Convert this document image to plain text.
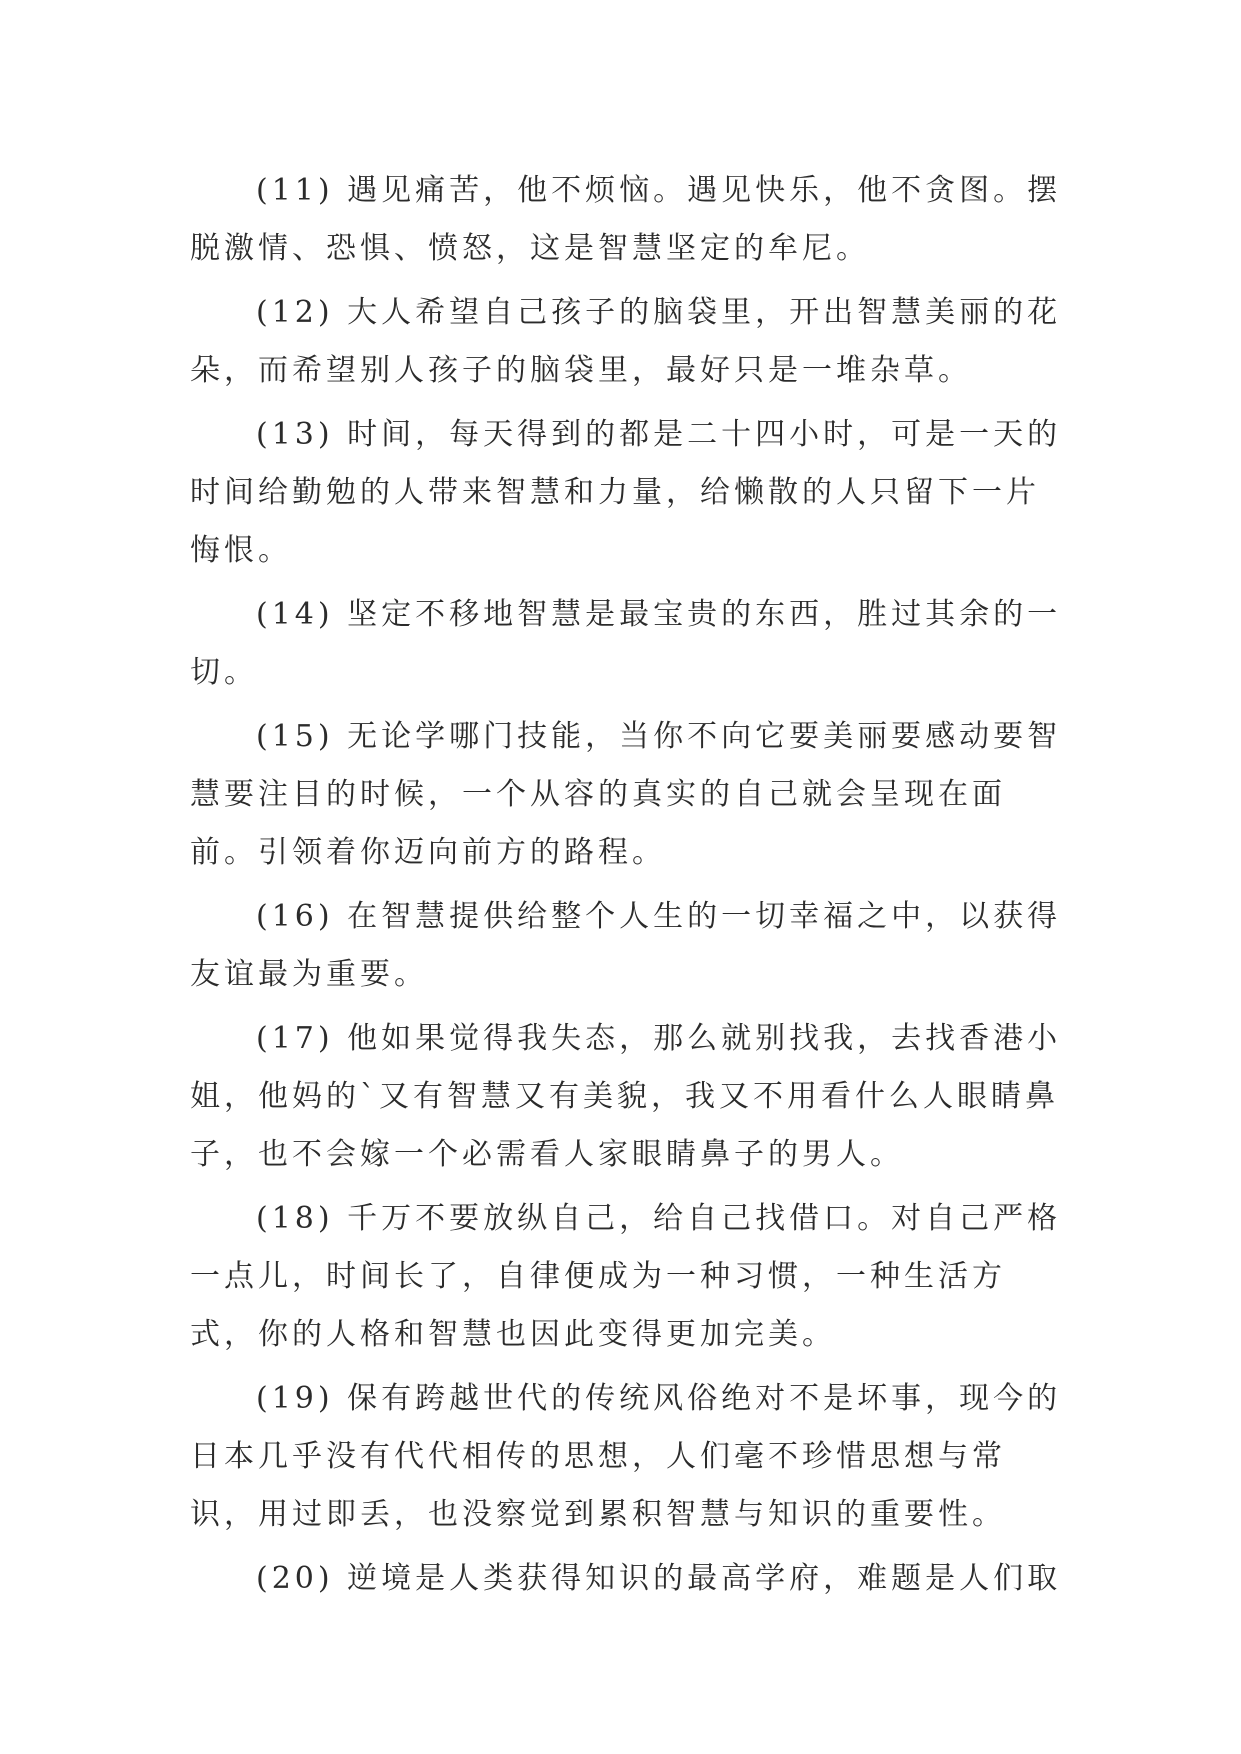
(11) 遇见痛苦，他不烦恼。遇见快乐，他不贪图。摆脱激情、恐惧、愤怒，这是智慧坚定的牟尼。

(12) 大人希望自己孩子的脑袋里，开出智慧美丽的花朵，而希望别人孩子的脑袋里，最好只是一堆杂草。

(13) 时间，每天得到的都是二十四小时，可是一天的时间给勤勉的人带来智慧和力量，给懒散的人只留下一片悔恨。

(14) 坚定不移地智慧是最宝贵的东西，胜过其余的一切。

(15) 无论学哪门技能，当你不向它要美丽要感动要智慧要注目的时候，一个从容的真实的自己就会呈现在面前。引领着你迈向前方的路程。

(16) 在智慧提供给整个人生的一切幸福之中，以获得友谊最为重要。

(17) 他如果觉得我失态，那么就别找我，去找香港小姐，他妈的`又有智慧又有美貌，我又不用看什么人眼睛鼻子，也不会嫁一个必需看人家眼睛鼻子的男人。

(18) 千万不要放纵自己，给自己找借口。对自己严格一点儿，时间长了，自律便成为一种习惯，一种生活方式，你的人格和智慧也因此变得更加完美。

(19) 保有跨越世代的传统风俗绝对不是坏事，现今的日本几乎没有代代相传的思想，人们毫不珍惜思想与常识，用过即丢，也没察觉到累积智慧与知识的重要性。

(20) 逆境是人类获得知识的最高学府，难题是人们取
